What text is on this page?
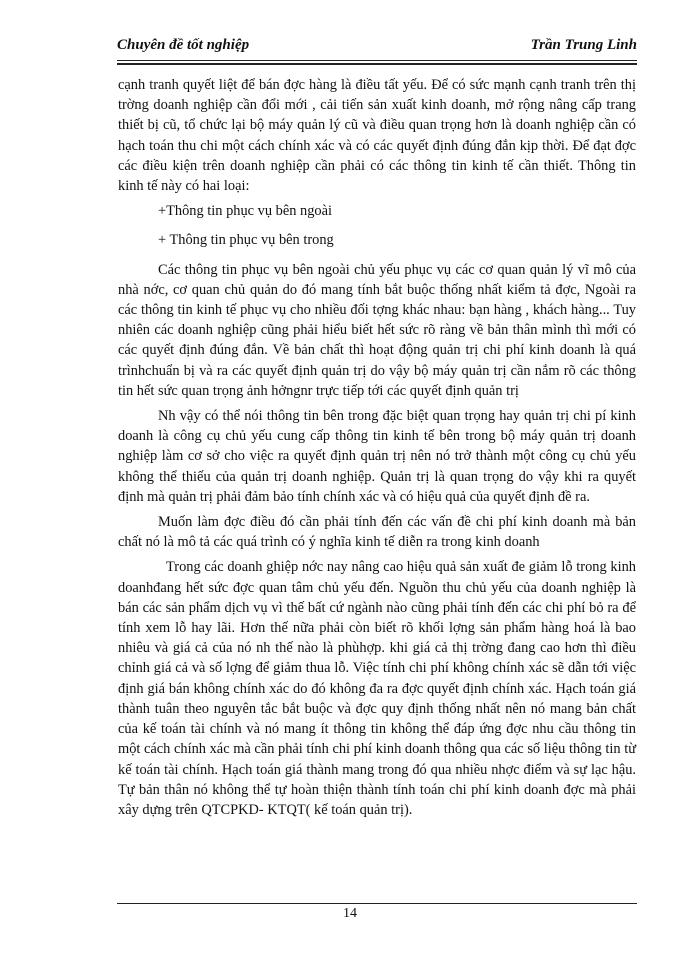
Chuyên đề tốt nghiệp	Trần Trung Linh

cạnh tranh quyết liệt để bán đợc hàng là điều tất yếu. Để có sức mạnh cạnh tranh trên thị trờng doanh nghiệp cần đổi mới , cải tiến sản xuất kinh doanh, mở rộng nâng cấp trang thiết bị cũ, tổ chức lại bộ máy quản lý cũ và điều quan trọng hơn là doanh nghiệp cần có hạch toán thu chi một cách chính xác và có các quyết định đúng đắn kịp thời. Để đạt đợc các điều kiện trên doanh nghiệp cần phải có các thông tin kinh tế cần thiết. Thông tin kinh tế này có hai loại:

+Thông tin phục vụ bên ngoài

+ Thông tin phục vụ bên trong

Các thông tin phục vụ bên ngoài chủ yếu phục vụ các cơ quan quản lý vĩ mô của nhà nớc, cơ quan chủ quản do đó mang tính bắt buộc thống nhất kiểm tả đợc, Ngoài ra các thông tin kinh tế phục vụ cho nhiều đối tợng khác nhau: bạn hàng , khách hàng... Tuy nhiên các doanh nghiệp cũng phải hiểu biết hết sức rõ ràng về bản thân mình thì mới có các quyết định đúng đắn. Về bản chất thì hoạt động quản trị chi phí kinh doanh là quá trìnhchuẩn bị và ra các quyết định quản trị do vậy bộ máy quản trị cần nắm rõ các thông tin hết sức quan trọng ảnh hởngnr trực tiếp tới các quyết định quản trị

Nh vậy có thể nói thông tin bên trong đặc biệt quan trọng hay quản trị chi pí kinh doanh là công cụ chủ yếu cung cấp thông tin kinh tế bên trong bộ máy quản trị doanh nghiệp làm cơ sở cho việc ra quyết định quản trị nên nó trở thành một công cụ chủ yếu không thể thiếu của quản trị doanh nghiệp. Quản trị là quan trọng do vậy khi ra quyết định mà quản trị phải đảm bảo tính chính xác và có hiệu quả của quyết định đề ra.

Muốn làm đợc điều đó cần phải tính đến các vấn đề chi phí kinh doanh mà bản chất nó là mô tả các quá trình có ý nghĩa kinh tế diễn ra trong kinh doanh

Trong các doanh ghiệp nớc nay nâng cao hiệu quả sản xuất đe giảm lỗ trong kinh doanhđang hết sức đợc quan tâm chủ yếu đến. Nguồn thu chủ yếu của doanh nghiệp là bán các sản phẩm dịch vụ vì thế bất cứ ngành nào cũng phải tính đến các chi phí bỏ ra để tính xem lỗ hay lãi. Hơn thế nữa phải còn biết rõ khối lợng sản phẩm hàng hoá là bao nhiêu và giá cả của nó nh thế nào là phùhợp. khi giá cả thị trờng đang cao hơn thì điều chỉnh giá cả và số lợng để giảm thua lỗ. Việc tính chi phí không chính xác sẽ dẫn tới việc định giá bán không chính xác do đó không đa ra đợc quyết định chính xác. Hạch toán giá thành tuân theo nguyên tắc bắt buộc và đợc quy định thống nhất nên nó mang bản chất của kế toán tài chính và nó mang ít thông tin không thể đáp ứng đợc nhu cầu thông tin một cách chính xác mà cần phải tính chi phí kinh doanh thông qua các số liệu thông tin từ kế toán tài chính. Hạch toán giá thành mang trong đó qua nhiều nhợc điểm và sự lạc hậu. Tự bản thân nó không thể tự hoàn thiện thành tính toán chi phí kinh doanh đợc mà phải xây dựng trên QTCPKD- KTQT( kế toán quản trị).

14
